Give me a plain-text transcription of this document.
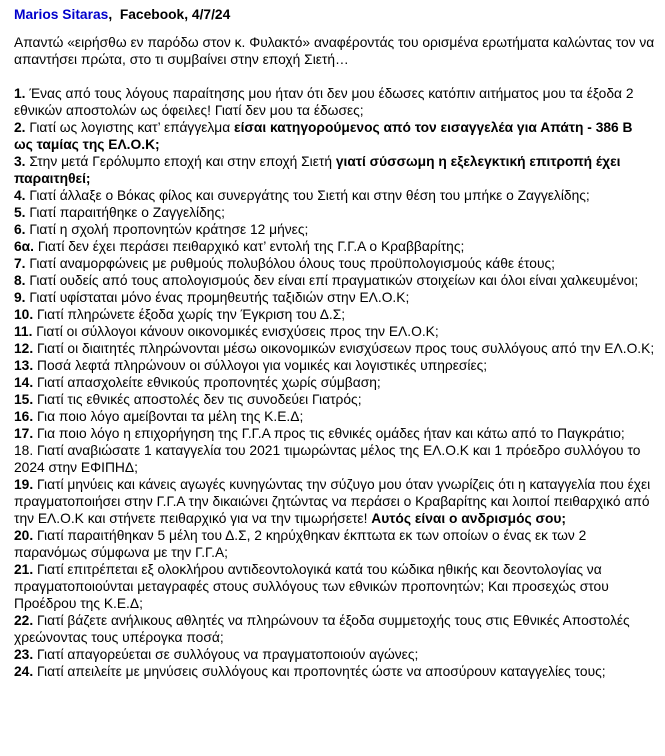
Marios Sitaras,  Facebook, 4/7/24

Απαντώ «ειρήσθω εν παρόδω στον κ. Φυλακτό» αναφέροντάς του ορισμένα ερωτήματα καλώντας τον να απαντήσει πρώτα, στο τι συμβαίνει στην εποχή Σιετή…

1. Ένας από τους λόγους παραίτησης μου ήταν ότι δεν μου έδωσες κατόπιν αιτήματος μου τα έξοδα 2 εθνικών αποστολών ως όφειλες! Γιατί δεν μου τα έδωσες;

2. Γιατί ως λογιστης κατ’ επάγγελμα είσαι κατηγορούμενος από τον εισαγγελέα για Απάτη - 386 Β ως ταμίας της ΕΛ.Ο.Κ;

3. Στην μετά Γερόλυμπο εποχή και στην εποχή Σιετή γιατί σύσσωμη η εξελεγκτική επιτροπή έχει παραιτηθεί;

4. Γιατί άλλαξε ο Βόκας φίλος και συνεργάτης του Σιετή και στην θέση του μπήκε ο Ζαγγελίδης;

5. Γιατί παραιτήθηκε ο Ζαγγελίδης;

6. Γιατί η σχολή προπονητών κράτησε 12 μήνες;

6α. Γιατί δεν έχει περάσει πειθαρχικό κατ’ εντολή της Γ.Γ.Α ο Κραββαρίτης;

7. Γιατί αναμορφώνεις με ρυθμούς πολυβόλου όλους τους προϋπολογισμούς κάθε έτους;

8. Γιατί ουδείς από τους απολογισμούς δεν είναι επί πραγματικών στοιχείων και όλοι είναι χαλκευμένοι;

9. Γιατί υφίσταται μόνο ένας προμηθευτής ταξιδιών στην ΕΛ.Ο.Κ;

10. Γιατί πληρώνετε έξοδα χωρίς την Έγκριση του Δ.Σ;

11. Γιατί οι σύλλογοι κάνουν οικονομικές ενισχύσεις προς την ΕΛ.Ο.Κ;

12. Γιατί οι διαιτητές πληρώνονται μέσω οικονομικών ενισχύσεων προς τους συλλόγους από την ΕΛ.Ο.Κ;

13. Ποσά λεφτά πληρώνουν οι σύλλογοι για νομικές και λογιστικές υπηρεσίες;

14. Γιατί απασχολείτε εθνικούς προπονητές χωρίς σύμβαση;

15. Γιατί τις εθνικές αποστολές δεν τις συνοδεύει Γιατρός;

16. Για ποιο λόγο αμείβονται τα μέλη της Κ.Ε.Δ;

17. Για ποιο λόγο η επιχορήγηση της Γ.Γ.Α προς τις εθνικές ομάδες ήταν και κάτω από το Παγκράτιο;

18. Γιατί αναβιώσατε 1 καταγγελία του 2021 τιμωρώντας μέλος της ΕΛ.Ο.Κ και 1 πρόεδρο συλλόγου το 2024 στην ΕΦΙΠΗΔ;

19. Γιατί μηνύεις και κάνεις αγωγές κυνηγώντας την σύζυγο μου όταν γνωρίζεις ότι η καταγγελία που έχει πραγματοποιήσει στην Γ.Γ.Α την δικαιώνει ζητώντας να περάσει ο Κραβαρίτης και λοιποί πειθαρχικό από την ΕΛ.Ο.Κ και στήνετε πειθαρχικό για να την τιμωρήσετε! Αυτός είναι ο ανδρισμός σου;

20. Γιατί παραιτήθηκαν 5 μέλη του Δ.Σ, 2 κηρύχθηκαν έκπτωτα εκ των οποίων ο ένας εκ των 2 παρανόμως σύμφωνα με την Γ.Γ.Α;

21. Γιατί επιτρέπεται εξ ολοκλήρου αντιδεοντολογικά κατά του κώδικα ηθικής και δεοντολογίας να πραγματοποιούνται μεταγραφές στους συλλόγους των εθνικών προπονητών; Και προσεχώς στου Προέδρου της Κ.Ε.Δ;

22. Γιατί βάζετε ανήλικους αθλητές να πληρώνουν τα έξοδα συμμετοχής τους στις Εθνικές Αποστολές χρεώνοντας τους υπέρογκα ποσά;

23. Γιατί απαγορεύεται σε συλλόγους να πραγματοποιούν αγώνες;

24. Γιατί απειλείτε με μηνύσεις συλλόγους και προπονητές ώστε να αποσύρουν καταγγελίες τους;
